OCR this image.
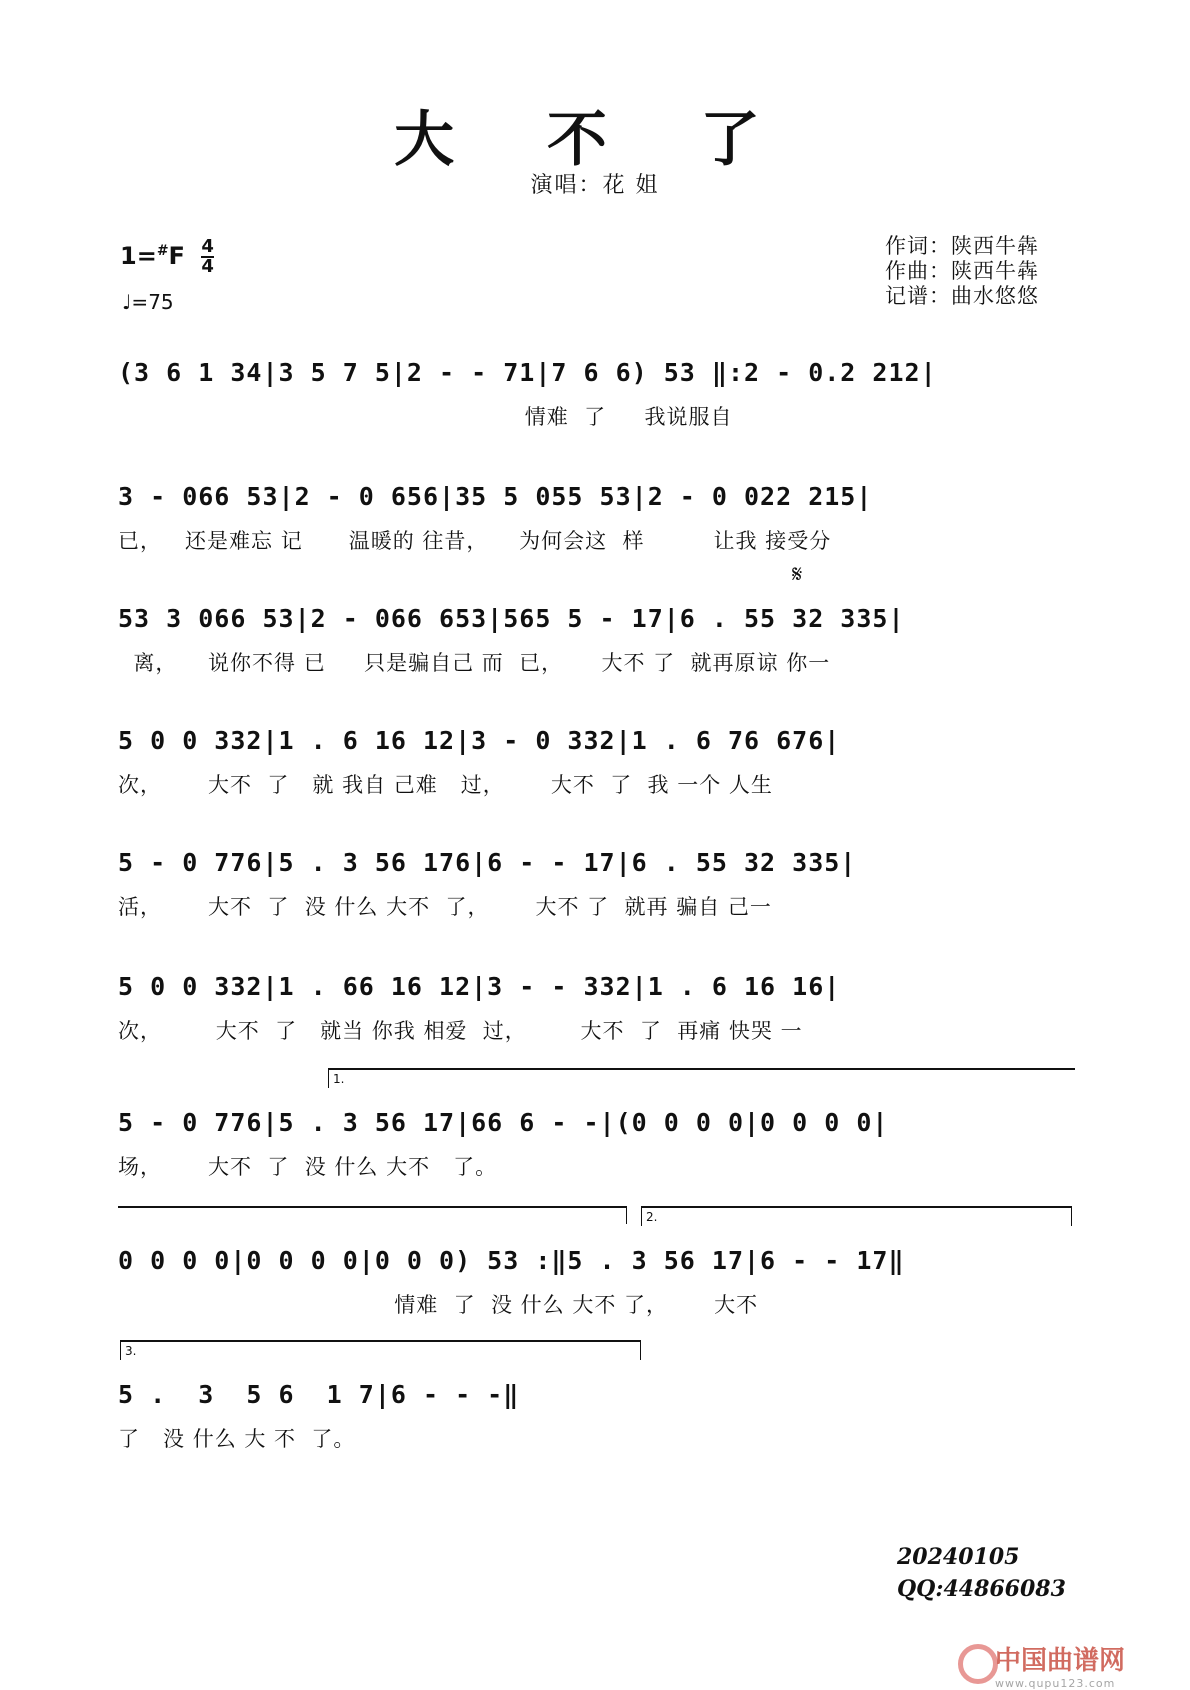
大 不 了
演唱：花 姐
$1=^{\#}F \frac{4}{4}$
♩=75
作词：陕西牛犇
作曲：陕西牛犇
记谱：曲水悠悠
𝄋
(3 6 1 34|3 5 7 5|2 - - 71|7 6 6) 53 ‖:2 - 0.2 212|
情难  了     我说服自
3 - 066 53|2 - 0 656|35 5 055 53|2 - 0 022 215|
已，   还是难忘 记      温暖的 往昔，    为何会这  样         让我 接受分
53 3 066 53|2 - 066 653|565 5 - 17|6 . 55 32 335|
离，    说你不得 已     只是骗自己 而  已，     大不 了  就再原谅 你一
5 0 0 332|1 . 6 16 12|3 - 0 332|1 . 6 76 676|
次，      大不  了   就 我自 己难   过，      大不  了  我 一个 人生
5 - 0 776|5 . 3 56 176|6 - - 17|6 . 55 32 335|
活，      大不  了  没 什么 大不  了，      大不 了  就再 骗自 己一
5 0 0 332|1 . 66 16 12|3 - - 332|1 . 6 16 16|
次，       大不  了   就当 你我 相爱  过，       大不  了  再痛 快哭 一
1.
5 - 0 776|5 . 3 56 17|66 6 - -|(0 0 0 0|0 0 0 0|
场，      大不  了  没 什么 大不   了。
2.
0 0 0 0|0 0 0 0|0 0 0) 53 :‖5 . 3 56 17|6 - - 17‖
情难  了  没 什么 大不 了，      大不
3.
5 .  3  5 6  1 7|6 - - -‖
了   没 什么 大 不  了。
20240105
QQ:44866083
中国曲谱网
www.qupu123.com
